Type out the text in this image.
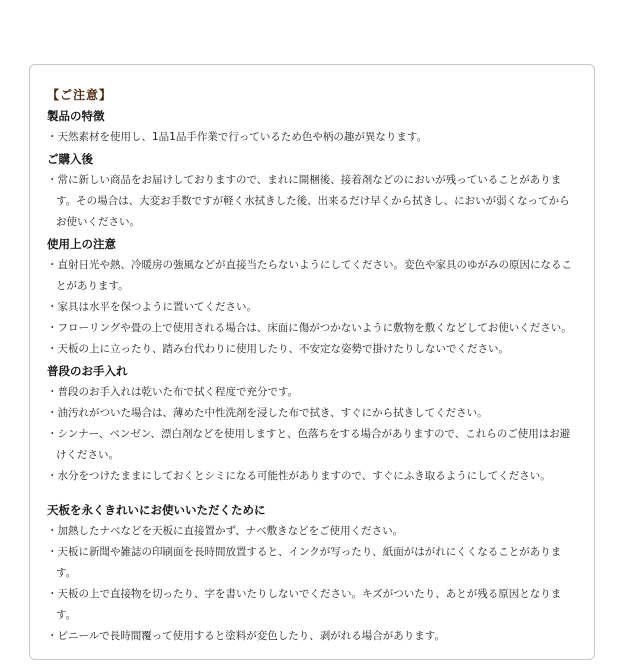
【ご注意】
製品の特徴

・天然素材を使用し、1品1品手作業で行っているため色や柄の趣が異なります。

ご購入後

・常に新しい商品をお届けしておりますので、まれに開梱後、接着剤などのにおいが残っていることがあります。その場合は、大変お手数ですが軽く水拭きした後、出来るだけ早くから拭きし、においが弱くなってからお使いください。

使用上の注意

・直射日光や熱、冷暖房の強風などが直接当たらないようにしてください。変色や家具のゆがみの原因になることがあります。

・家具は水平を保つように置いてください。

・フローリングや畳の上で使用される場合は、床面に傷がつかないように敷物を敷くなどしてお使いください。

・天板の上に立ったり、踏み台代わりに使用したり、不安定な姿勢で掛けたりしないでください。

普段のお手入れ

・普段のお手入れは乾いた布で拭く程度で充分です。

・油汚れがついた場合は、薄めた中性洗剤を浸した布で拭き、すぐにから拭きしてください。

・シンナー、ベンゼン、漂白剤などを使用しますと、色落ちをする場合がありますので、これらのご使用はお避けください。

・水分をつけたままにしておくとシミになる可能性がありますので、すぐにふき取るようにしてください。

天板を永くきれいにお使いいただくために

・加熱したナベなどを天板に直接置かず、ナベ敷きなどをご使用ください。

・天板に新聞や雑誌の印刷面を長時間放置すると、インクが写ったり、紙面がはがれにくくなることがあります。

・天板の上で直接物を切ったり、字を書いたりしないでください。キズがついたり、あとが残る原因となります。

・ビニールで長時間覆って使用すると塗料が変色したり、剥がれる場合があります。
